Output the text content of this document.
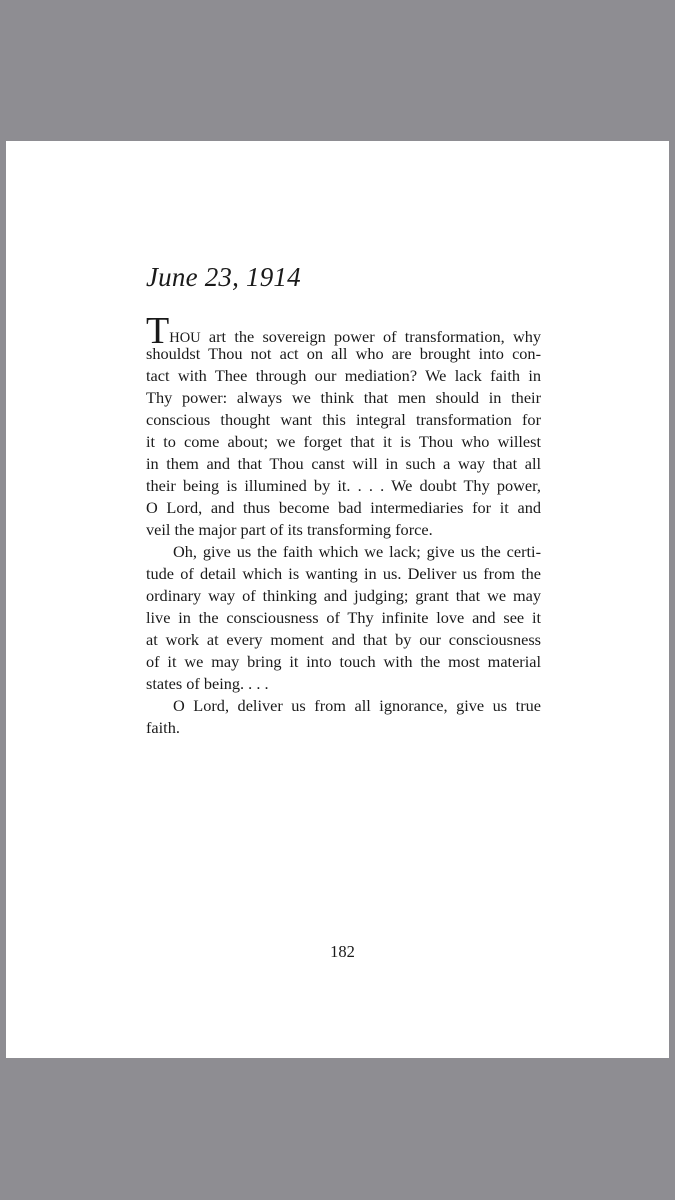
June 23, 1914
THOU art the sovereign power of transformation, why
shouldst Thou not act on all who are brought into con-
tact with Thee through our mediation? We lack faith in
Thy power: always we think that men should in their
conscious thought want this integral transformation for
it to come about; we forget that it is Thou who willest
in them and that Thou canst will in such a way that all
their being is illumined by it. . . . We doubt Thy power,
O Lord, and thus become bad intermediaries for it and
veil the major part of its transforming force.
Oh, give us the faith which we lack; give us the certi-
tude of detail which is wanting in us. Deliver us from the
ordinary way of thinking and judging; grant that we may
live in the consciousness of Thy infinite love and see it
at work at every moment and that by our consciousness
of it we may bring it into touch with the most material
states of being. . . .
O Lord, deliver us from all ignorance, give us true
faith.
182
